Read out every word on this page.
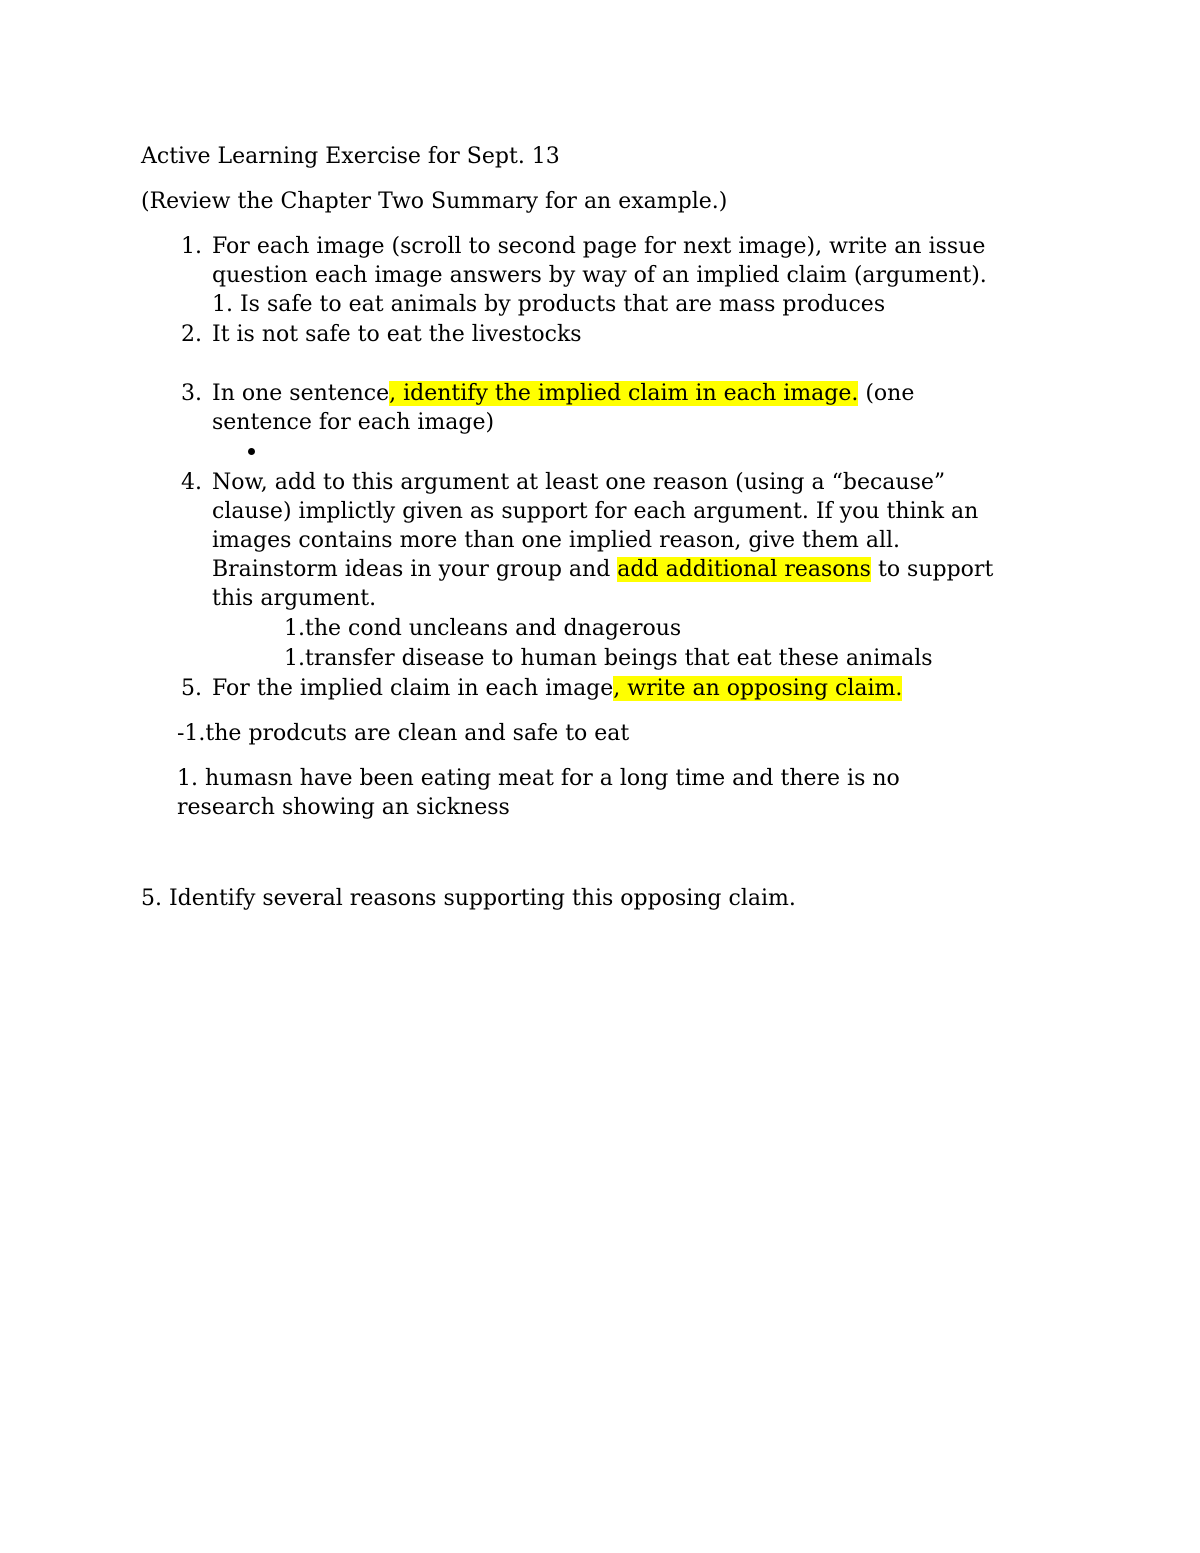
Active Learning Exercise for Sept. 13
(Review the Chapter Two Summary for an example.)
1. For each image (scroll to second page for next image), write an issue
question each image answers by way of an implied claim (argument).
1. Is safe to eat animals by products that are mass produces
2. It is not safe to eat the livestocks
3. In one sentence, identify the implied claim in each image. (one
sentence for each image)
4. Now, add to this argument at least one reason (using a “because”
clause) implictly given as support for each argument. If you think an
images contains more than one implied reason, give them all.
Brainstorm ideas in your group and add additional reasons to support
this argument.
1.the cond uncleans and dnagerous
1.transfer disease to human beings that eat these animals
5. For the implied claim in each image, write an opposing claim.
-1.the prodcuts are clean and safe to eat
1. humasn have been eating meat for a long time and there is no
research showing an sickness
5. Identify several reasons supporting this opposing claim.
